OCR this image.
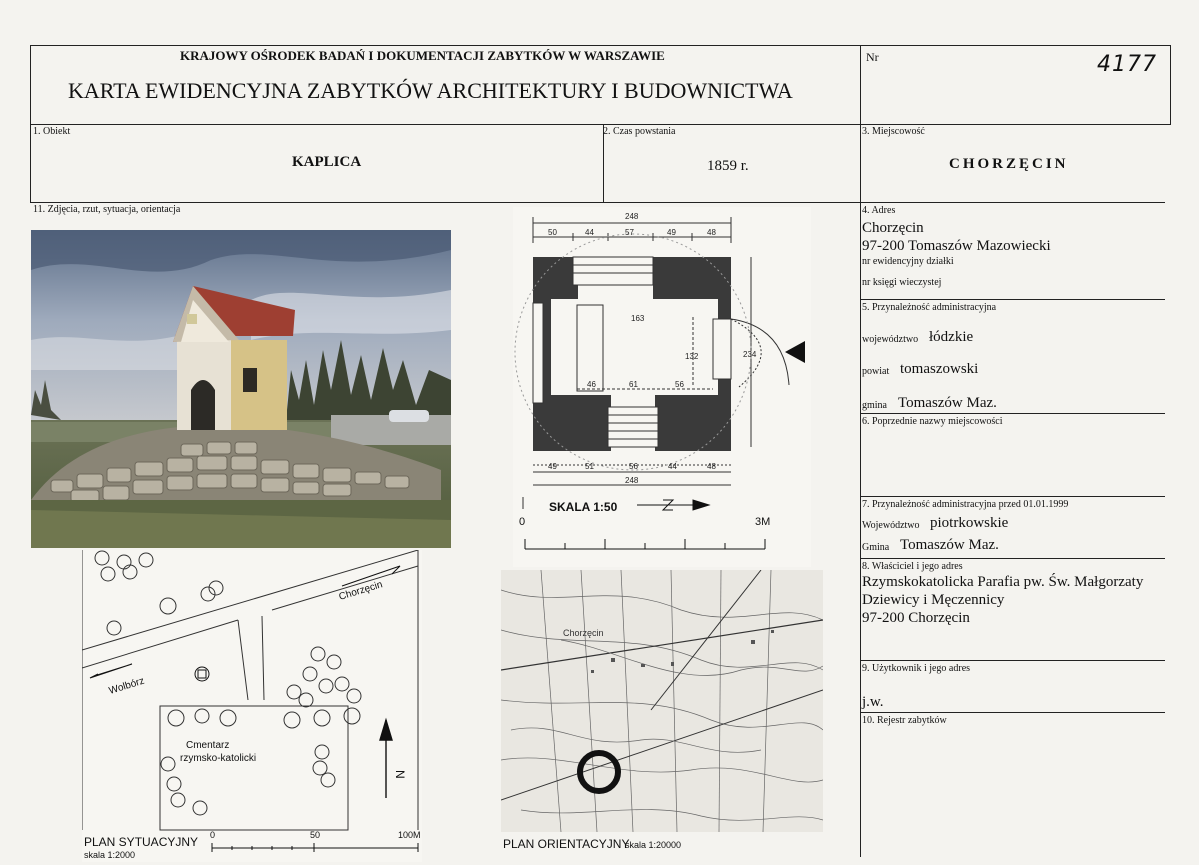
KRAJOWY OŚRODEK BADAŃ I DOKUMENTACJI ZABYTKÓW W WARSZAWIE
KARTA EWIDENCYJNA ZABYTKÓW ARCHITEKTURY I BUDOWNICTWA
Nr	4177
1. Obiekt
KAPLICA
2. Czas powstania
1859 r.
3. Miejscowość
CHORZĘCIN
11. Zdjęcia, rzut, sytuacja, orientacja
248
50	44	57	49	48
49	51	56	44	48
248
163
132	234
46	61	56
SKALA 1:50
0	3M
Chorzęcin
Wolbórz
Cmentarz
rzymsko-katolicki
N
PLAN SYTUACYJNY
skala 1:2000
0	50	100M
Chorzęcin
PLAN ORIENTACYJNY
skala 1:20000
4. Adres
Chorzęcin
97-200 Tomaszów Mazowiecki
nr ewidencyjny działki
nr księgi wieczystej
5. Przynależność administracyjna
województwo łódzkie
powiat tomaszowski
gmina Tomaszów Maz.
6. Poprzednie nazwy miejscowości
7. Przynależność administracyjna przed 01.01.1999
Województwo piotrkowskie
Gmina Tomaszów Maz.
8. Właściciel i jego adres
Rzymskokatolicka Parafia pw. Św. Małgorzaty
Dziewicy i Męczennicy
97-200 Chorzęcin
9. Użytkownik i jego adres
j.w.
10. Rejestr zabytków
